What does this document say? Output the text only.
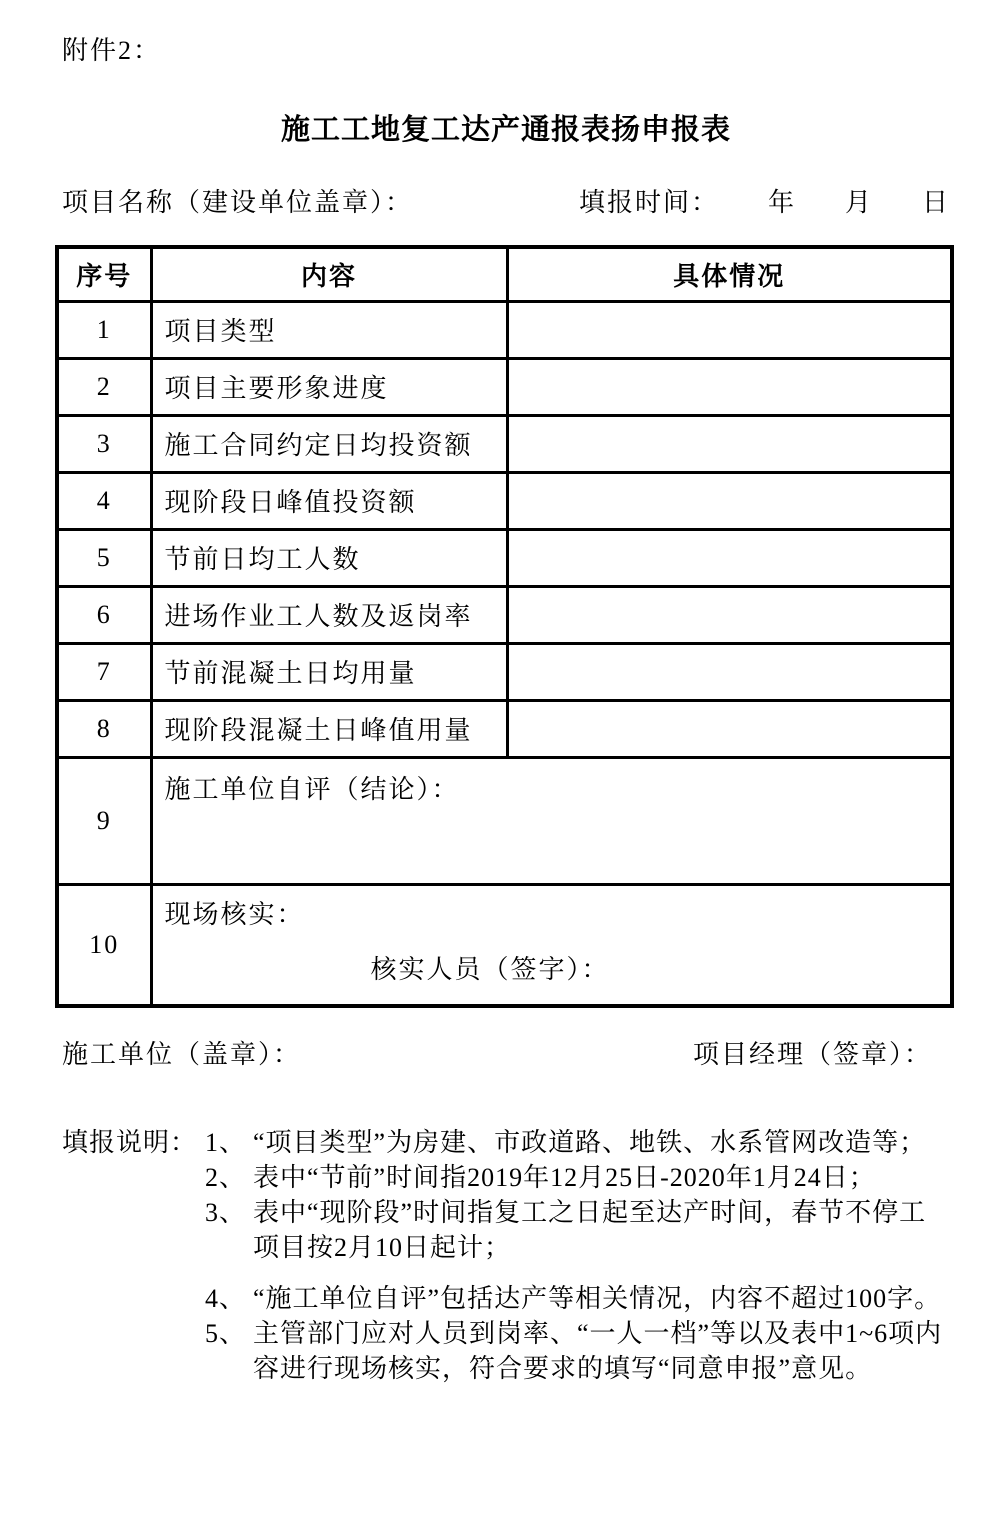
附件2：
施工工地复工达产通报表扬申报表
项目名称（建设单位盖章）：	填报时间： 年 月 日
序号	内容	具体情况
1	项目类型	
2	项目主要形象进度	
3	施工合同约定日均投资额	
4	现阶段日峰值投资额	
5	节前日均工人数	
6	进场作业工人数及返岗率	
7	节前混凝土日均用量	
8	现阶段混凝土日峰值用量	
9	施工单位自评（结论）：	
10	现场核实：
核实人员（签字）：	
施工单位（盖章）：	项目经理（签章）：
填报说明： 1、 “项目类型”为房建、市政道路、地铁、水系管网改造等；
2、 表中“节前”时间指2019年12月25日-2020年1月24日；
3、 表中“现阶段”时间指复工之日起至达产时间，春节不停工项目按2月10日起计；
4、 “施工单位自评”包括达产等相关情况，内容不超过100字。
5、 主管部门应对人员到岗率、“一人一档”等以及表中1~6项内容进行现场核实，符合要求的填写“同意申报”意见。
